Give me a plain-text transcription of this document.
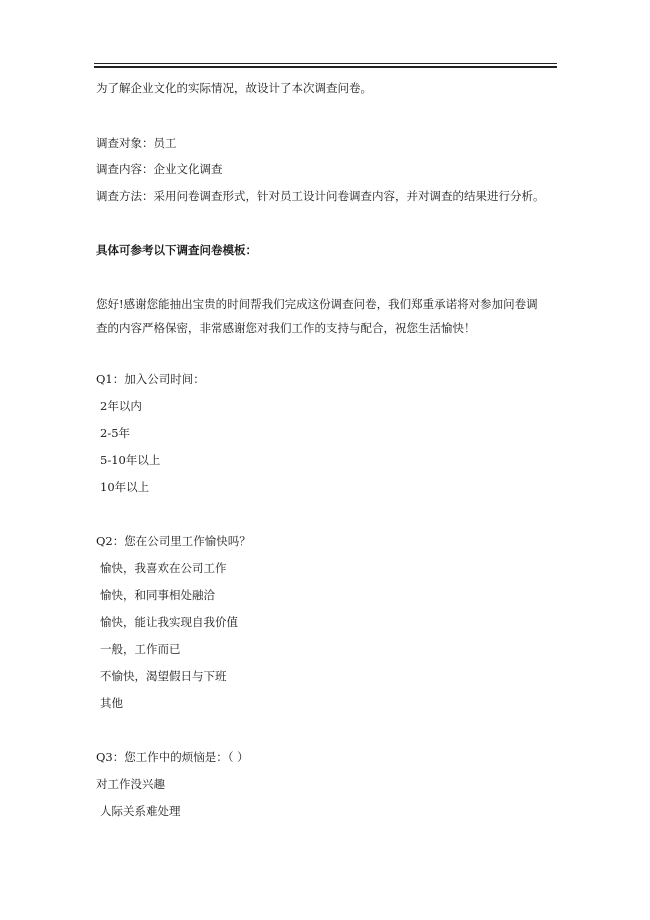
为了解企业文化的实际情况，故设计了本次调查问卷。
调查对象：员工
调查内容：企业文化调查
调查方法：采用问卷调查形式，针对员工设计问卷调查内容，并对调查的结果进行分析。
具体可参考以下调查问卷模板：
您好!感谢您能抽出宝贵的时间帮我们完成这份调查问卷，我们郑重承诺将对参加问卷调查的内容严格保密，非常感谢您对我们工作的支持与配合，祝您生活愉快！
Q1：加入公司时间：
2年以内
2-5年
5-10年以上
10年以上
Q2：您在公司里工作愉快吗？
愉快，我喜欢在公司工作
愉快，和同事相处融洽
愉快，能让我实现自我价值
一般，工作而已
不愉快，渴望假日与下班
其他
Q3：您工作中的烦恼是：（ ）
对工作没兴趣
人际关系难处理
